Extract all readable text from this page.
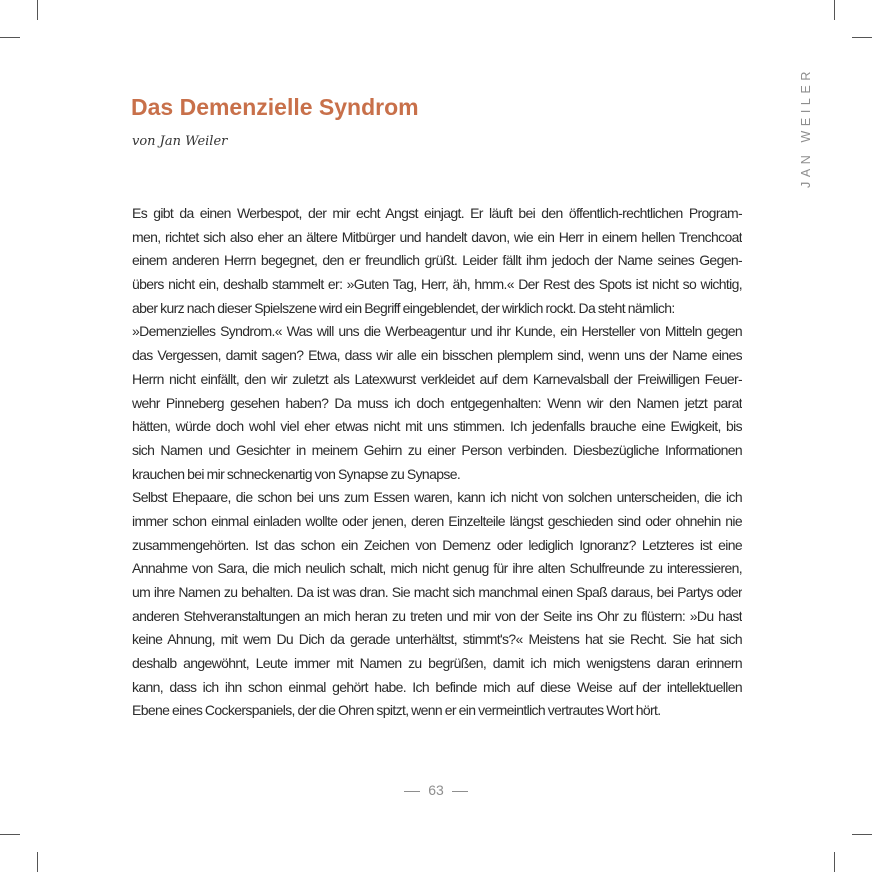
JAN WEILER
Das Demenzielle Syndrom

von Jan Weiler

Es gibt da einen Werbespot, der mir echt Angst einjagt. Er läuft bei den öffentlich-rechtlichen Program-
men, richtet sich also eher an ältere Mitbürger und handelt davon, wie ein Herr in einem hellen Trenchcoat
einem anderen Herrn begegnet, den er freundlich grüßt. Leider fällt ihm jedoch der Name seines Gegen-
übers nicht ein, deshalb stammelt er: »Guten Tag, Herr, äh, hmm.« Der Rest des Spots ist nicht so wichtig,
aber kurz nach dieser Spielszene wird ein Begriff eingeblendet, der wirklich rockt. Da steht nämlich:
»Demenzielles Syndrom.« Was will uns die Werbeagentur und ihr Kunde, ein Hersteller von Mitteln gegen
das Vergessen, damit sagen? Etwa, dass wir alle ein bisschen plemplem sind, wenn uns der Name eines
Herrn nicht einfällt, den wir zuletzt als Latexwurst verkleidet auf dem Karnevalsball der Freiwilligen Feuer-
wehr Pinneberg gesehen haben? Da muss ich doch entgegenhalten: Wenn wir den Namen jetzt parat
hätten, würde doch wohl viel eher etwas nicht mit uns stimmen. Ich jedenfalls brauche eine Ewigkeit, bis
sich Namen und Gesichter in meinem Gehirn zu einer Person verbinden. Diesbezügliche Informationen
krauchen bei mir schneckenartig von Synapse zu Synapse.
Selbst Ehepaare, die schon bei uns zum Essen waren, kann ich nicht von solchen unterscheiden, die ich
immer schon einmal einladen wollte oder jenen, deren Einzelteile längst geschieden sind oder ohnehin nie
zusammengehörten. Ist das schon ein Zeichen von Demenz oder lediglich Ignoranz? Letzteres ist eine
Annahme von Sara, die mich neulich schalt, mich nicht genug für ihre alten Schulfreunde zu interessieren,
um ihre Namen zu behalten. Da ist was dran. Sie macht sich manchmal einen Spaß daraus, bei Partys oder
anderen Stehveranstaltungen an mich heran zu treten und mir von der Seite ins Ohr zu flüstern: »Du hast
keine Ahnung, mit wem Du Dich da gerade unterhältst, stimmt's?« Meistens hat sie Recht. Sie hat sich
deshalb angewöhnt, Leute immer mit Namen zu begrüßen, damit ich mich wenigstens daran erinnern
kann, dass ich ihn schon einmal gehört habe. Ich befinde mich auf diese Weise auf der intellektuellen
Ebene eines Cockerspaniels, der die Ohren spitzt, wenn er ein vermeintlich vertrautes Wort hört.
63
